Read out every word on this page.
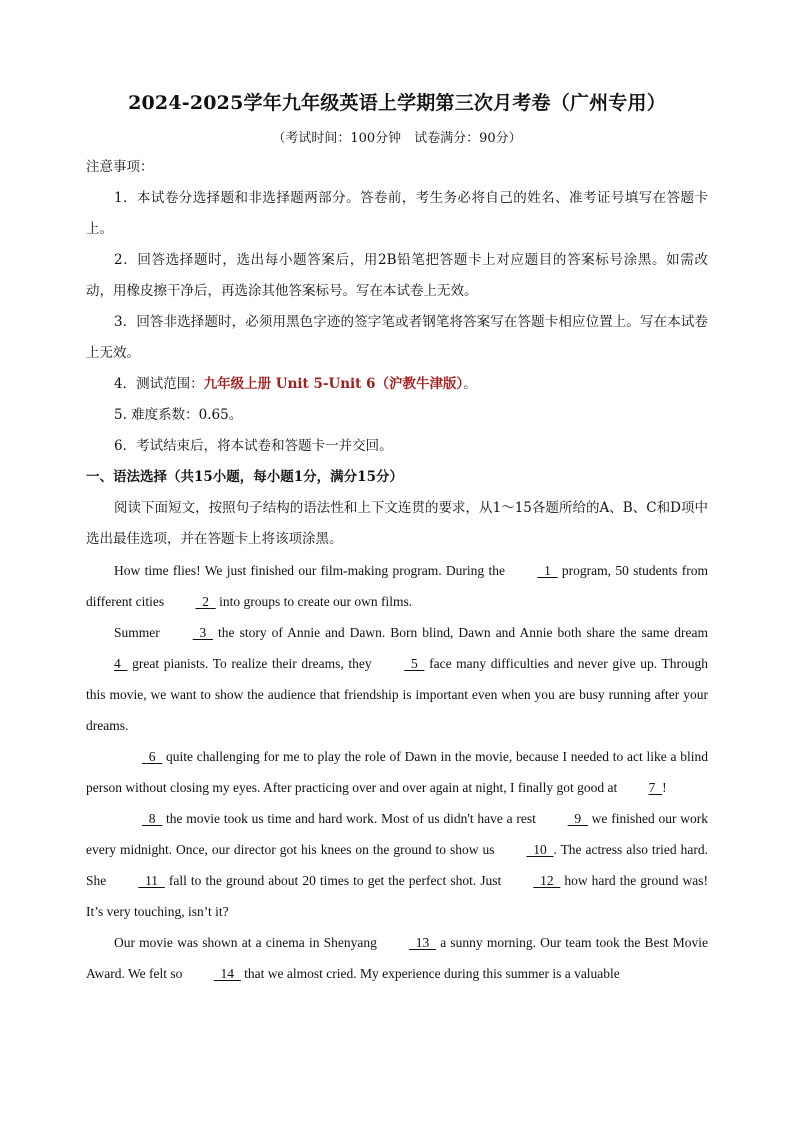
2024-2025学年九年级英语上学期第三次月考卷（广州专用）
（考试时间：100分钟　试卷满分：90分）

注意事项：

1．本试卷分选择题和非选择题两部分。答卷前，考生务必将自己的姓名、准考证号填写在答题卡上。

2．回答选择题时，选出每小题答案后，用2B铅笔把答题卡上对应题目的答案标号涂黑。如需改动，用橡皮擦干净后，再选涂其他答案标号。写在本试卷上无效。

3．回答非选择题时，必须用黑色字迹的签字笔或者钢笔将答案写在答题卡相应位置上。写在本试卷上无效。

4．测试范围：九年级上册 Unit 5-Unit 6（沪教牛津版）。

5. 难度系数：0.65。

6．考试结束后，将本试卷和答题卡一并交回。

一、语法选择（共15小题，每小题1分，满分15分）

阅读下面短文，按照句子结构的语法性和上下文连贯的要求，从1～15各题所给的A、B、C和D项中选出最佳选项，并在答题卡上将该项涂黑。

How time flies! We just finished our film-making program. During the   1   program, 50 students from different cities   2   into groups to create our own films.

Summer   3   the story of Annie and Dawn. Born blind, Dawn and Annie both share the same dream 4   great pianists. To realize their dreams, they   5   face many difficulties and never give up. Through this movie, we want to show the audience that friendship is important even when you are busy running after your dreams.

6   quite challenging for me to play the role of Dawn in the movie, because I needed to act like a blind person without closing my eyes. After practicing over and over again at night, I finally got good at 7  !

8   the movie took us time and hard work. Most of us didn't have a rest   9   we finished our work every midnight. Once, our director got his knees on the ground to show us   10  . The actress also tried hard. She   11   fall to the ground about 20 times to get the perfect shot. Just   12   how hard the ground was! It’s very touching, isn’t it?

Our movie was shown at a cinema in Shenyang   13   a sunny morning. Our team took the Best Movie Award. We felt so   14   that we almost cried. My experience during this summer is a valuable
